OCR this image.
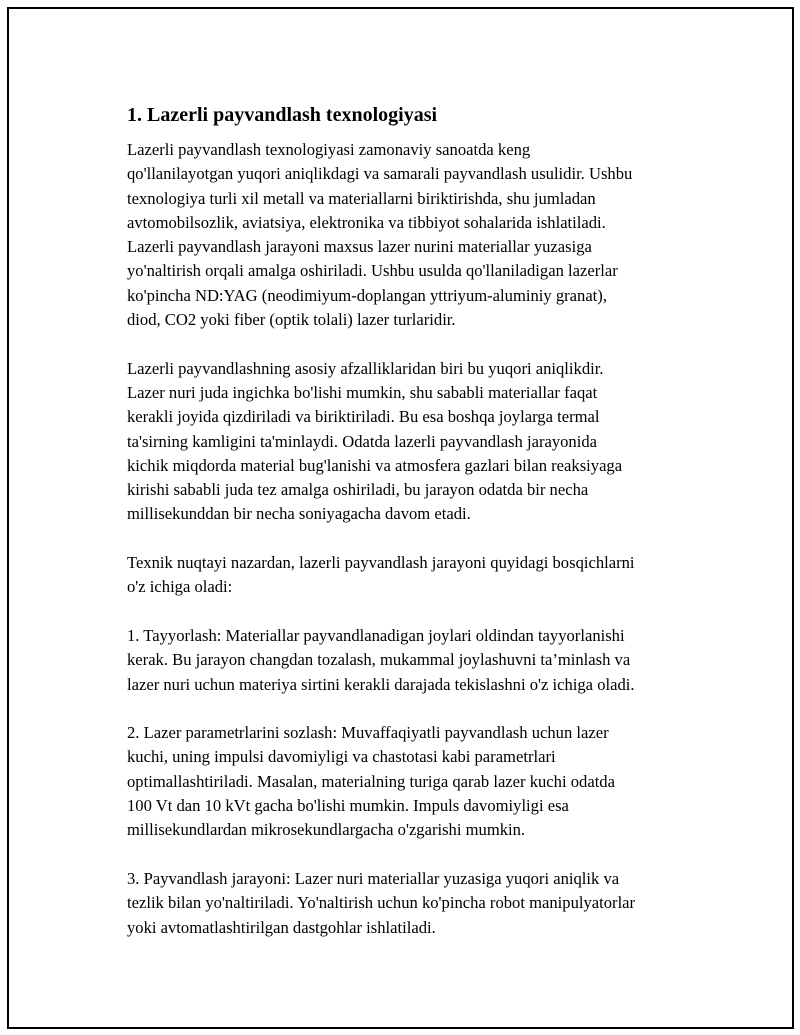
1. Lazerli payvandlash texnologiyasi

Lazerli payvandlash texnologiyasi zamonaviy sanoatda keng
qo'llanilayotgan yuqori aniqlikdagi va samarali payvandlash usulidir. Ushbu
texnologiya turli xil metall va materiallarni biriktirishda, shu jumladan
avtomobilsozlik, aviatsiya, elektronika va tibbiyot sohalarida ishlatiladi.
Lazerli payvandlash jarayoni maxsus lazer nurini materiallar yuzasiga
yo'naltirish orqali amalga oshiriladi. Ushbu usulda qo'llaniladigan lazerlar
ko'pincha ND:YAG (neodimiyum-doplangan yttriyum-aluminiy granat),
diod, CO2 yoki fiber (optik tolali) lazer turlaridir.

Lazerli payvandlashning asosiy afzalliklaridan biri bu yuqori aniqlikdir.
Lazer nuri juda ingichka bo'lishi mumkin, shu sababli materiallar faqat
kerakli joyida qizdiriladi va biriktiriladi. Bu esa boshqa joylarga termal
ta'sirning kamligini ta'minlaydi. Odatda lazerli payvandlash jarayonida
kichik miqdorda material bug'lanishi va atmosfera gazlari bilan reaksiyaga
kirishi sababli juda tez amalga oshiriladi, bu jarayon odatda bir necha
millisekunddan bir necha soniyagacha davom etadi.

Texnik nuqtayi nazardan, lazerli payvandlash jarayoni quyidagi bosqichlarni
o'z ichiga oladi:

1. Tayyorlash: Materiallar payvandlanadigan joylari oldindan tayyorlanishi
kerak. Bu jarayon changdan tozalash, mukammal joylashuvni ta’minlash va
lazer nuri uchun materiya sirtini kerakli darajada tekislashni o'z ichiga oladi.

2. Lazer parametrlarini sozlash: Muvaffaqiyatli payvandlash uchun lazer
kuchi, uning impulsi davomiyligi va chastotasi kabi parametrlari
optimallashtiriladi. Masalan, materialning turiga qarab lazer kuchi odatda
100 Vt dan 10 kVt gacha bo'lishi mumkin. Impuls davomiyligi esa
millisekundlardan mikrosekundlargacha o'zgarishi mumkin.

3. Payvandlash jarayoni: Lazer nuri materiallar yuzasiga yuqori aniqlik va
tezlik bilan yo'naltiriladi. Yo'naltirish uchun ko'pincha robot manipulyatorlar
yoki avtomatlashtirilgan dastgohlar ishlatiladi.
